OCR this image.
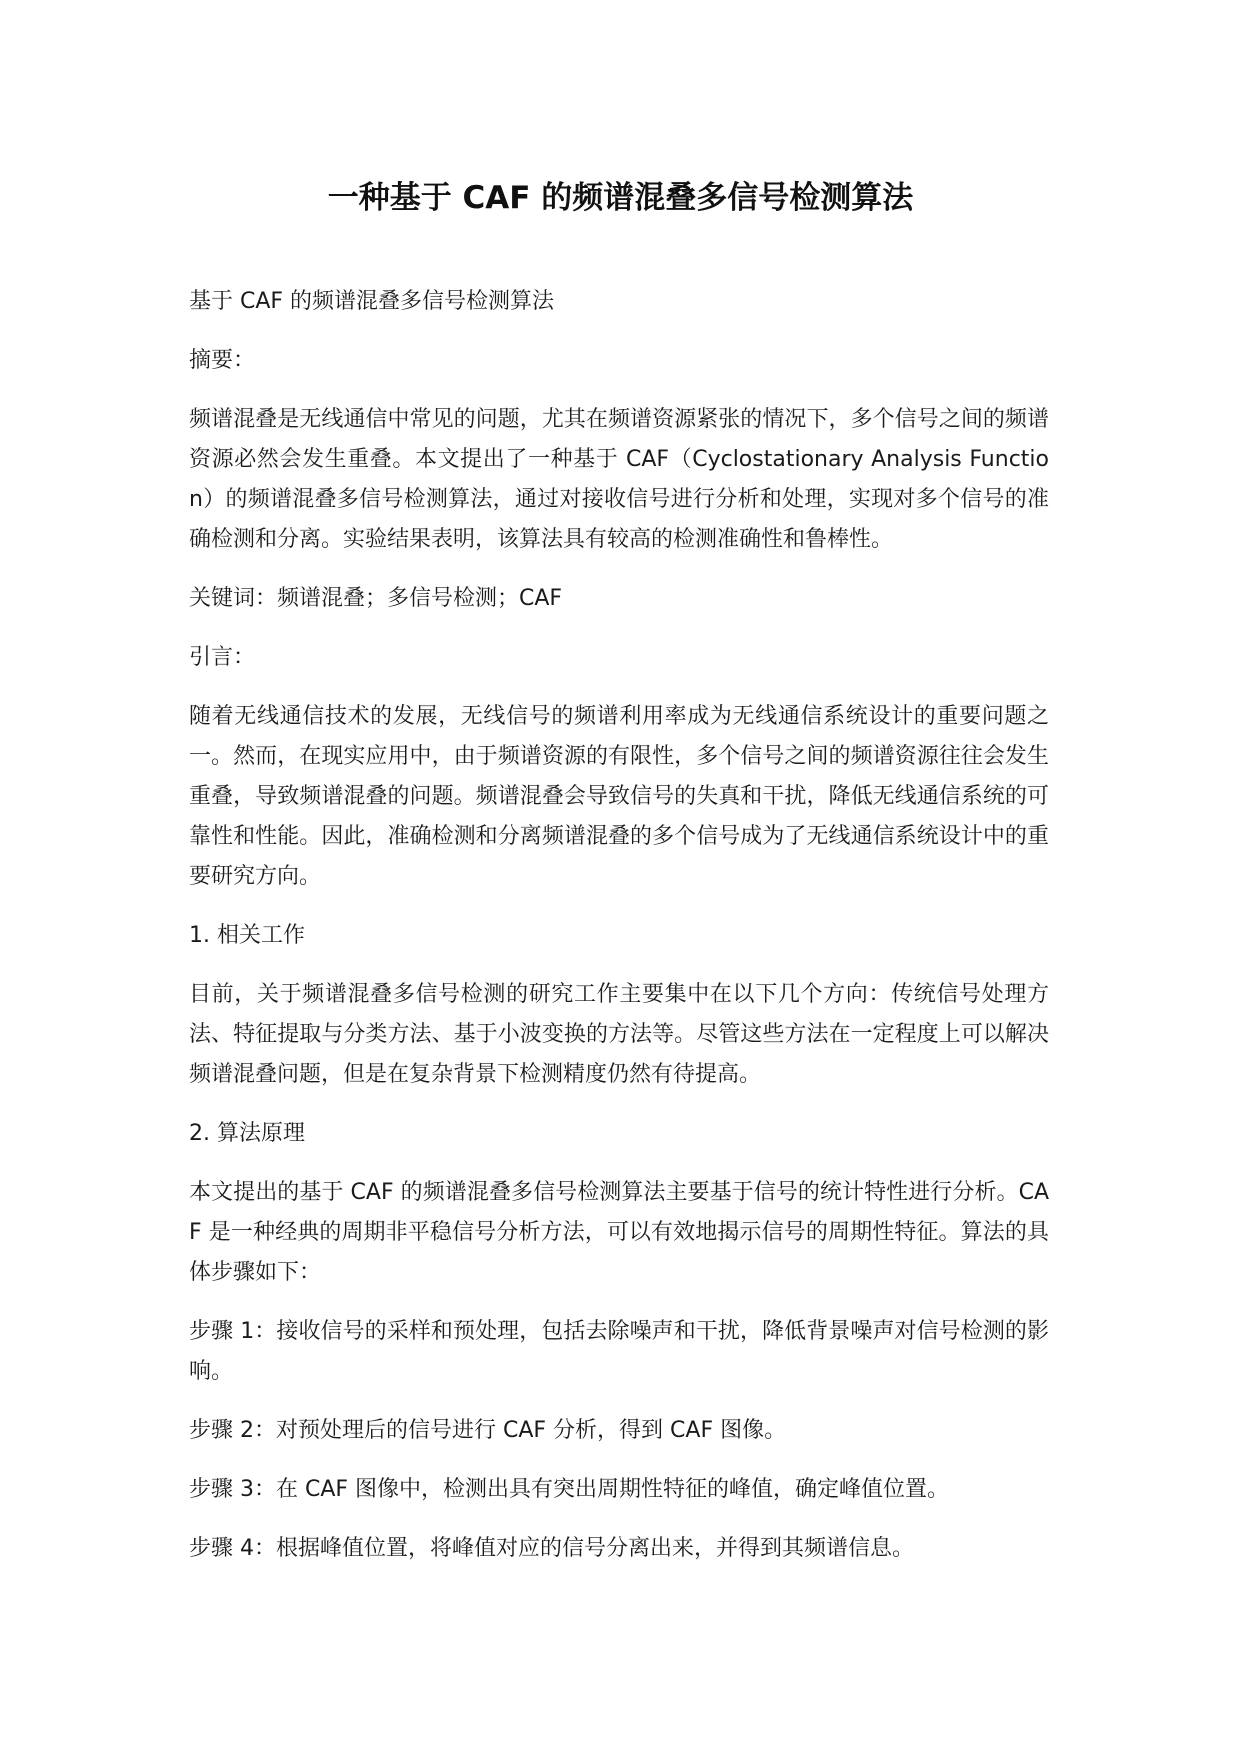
一种基于 CAF 的频谱混叠多信号检测算法

基于 CAF 的频谱混叠多信号检测算法

摘要：

频谱混叠是无线通信中常见的问题，尤其在频谱资源紧张的情况下，多个信号之间的频谱资源必然会发生重叠。本文提出了一种基于 CAF（Cyclostationary Analysis Function）的频谱混叠多信号检测算法，通过对接收信号进行分析和处理，实现对多个信号的准确检测和分离。实验结果表明，该算法具有较高的检测准确性和鲁棒性。

关键词：频谱混叠；多信号检测；CAF

引言：

随着无线通信技术的发展，无线信号的频谱利用率成为无线通信系统设计的重要问题之一。然而，在现实应用中，由于频谱资源的有限性，多个信号之间的频谱资源往往会发生重叠，导致频谱混叠的问题。频谱混叠会导致信号的失真和干扰，降低无线通信系统的可靠性和性能。因此，准确检测和分离频谱混叠的多个信号成为了无线通信系统设计中的重要研究方向。

1. 相关工作

目前，关于频谱混叠多信号检测的研究工作主要集中在以下几个方向：传统信号处理方法、特征提取与分类方法、基于小波变换的方法等。尽管这些方法在一定程度上可以解决频谱混叠问题，但是在复杂背景下检测精度仍然有待提高。

2. 算法原理

本文提出的基于 CAF 的频谱混叠多信号检测算法主要基于信号的统计特性进行分析。CAF 是一种经典的周期非平稳信号分析方法，可以有效地揭示信号的周期性特征。算法的具体步骤如下：

步骤 1：接收信号的采样和预处理，包括去除噪声和干扰，降低背景噪声对信号检测的影响。

步骤 2：对预处理后的信号进行 CAF 分析，得到 CAF 图像。

步骤 3：在 CAF 图像中，检测出具有突出周期性特征的峰值，确定峰值位置。

步骤 4：根据峰值位置，将峰值对应的信号分离出来，并得到其频谱信息。
